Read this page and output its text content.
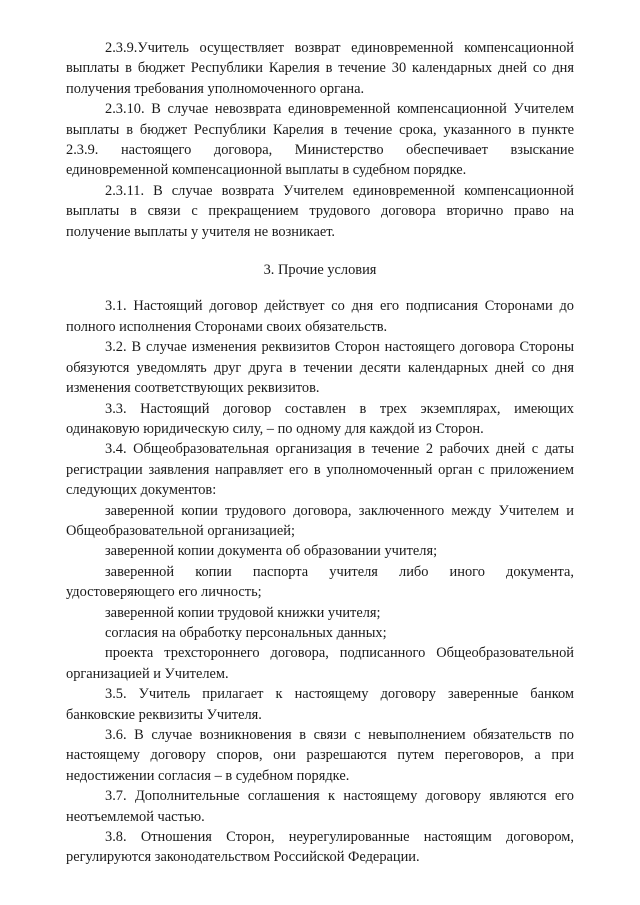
2.3.9.Учитель осуществляет возврат единовременной компенсационной выплаты в бюджет Республики Карелия в течение 30 календарных дней со дня получения требования уполномоченного органа.

2.3.10. В случае невозврата единовременной компенсационной Учителем выплаты в бюджет Республики Карелия в течение срока, указанного в пункте 2.3.9. настоящего договора, Министерство обеспечивает взыскание единовременной компенсационной выплаты в судебном порядке.

2.3.11. В случае возврата Учителем единовременной компенсационной выплаты в связи с прекращением трудового договора вторично право на получение выплаты у учителя не возникает.

3. Прочие условия

3.1. Настоящий договор действует со дня его подписания Сторонами до полного исполнения Сторонами своих обязательств.

3.2. В случае изменения реквизитов Сторон настоящего договора Стороны обязуются уведомлять друг друга в течении десяти календарных дней со дня изменения соответствующих реквизитов.

3.3. Настоящий договор составлен в трех экземплярах, имеющих одинаковую юридическую силу, – по одному для каждой из Сторон.

3.4. Общеобразовательная организация в течение 2 рабочих дней с даты регистрации заявления направляет его в уполномоченный орган с приложением следующих документов:

заверенной копии трудового договора, заключенного между Учителем и Общеобразовательной организацией;

заверенной копии документа об образовании учителя;

заверенной копии паспорта учителя либо иного документа, удостоверяющего его личность;

заверенной копии трудовой книжки учителя;

согласия на обработку персональных данных;

проекта трехстороннего договора, подписанного Общеобразовательной организацией и Учителем.

3.5. Учитель прилагает к настоящему договору заверенные банком банковские реквизиты Учителя.

3.6. В случае возникновения в связи с невыполнением обязательств по настоящему договору споров, они разрешаются путем переговоров, а при недостижении согласия – в судебном порядке.

3.7. Дополнительные соглашения к настоящему договору являются его неотъемлемой частью.

3.8. Отношения Сторон, неурегулированные настоящим договором, регулируются законодательством Российской Федерации.
